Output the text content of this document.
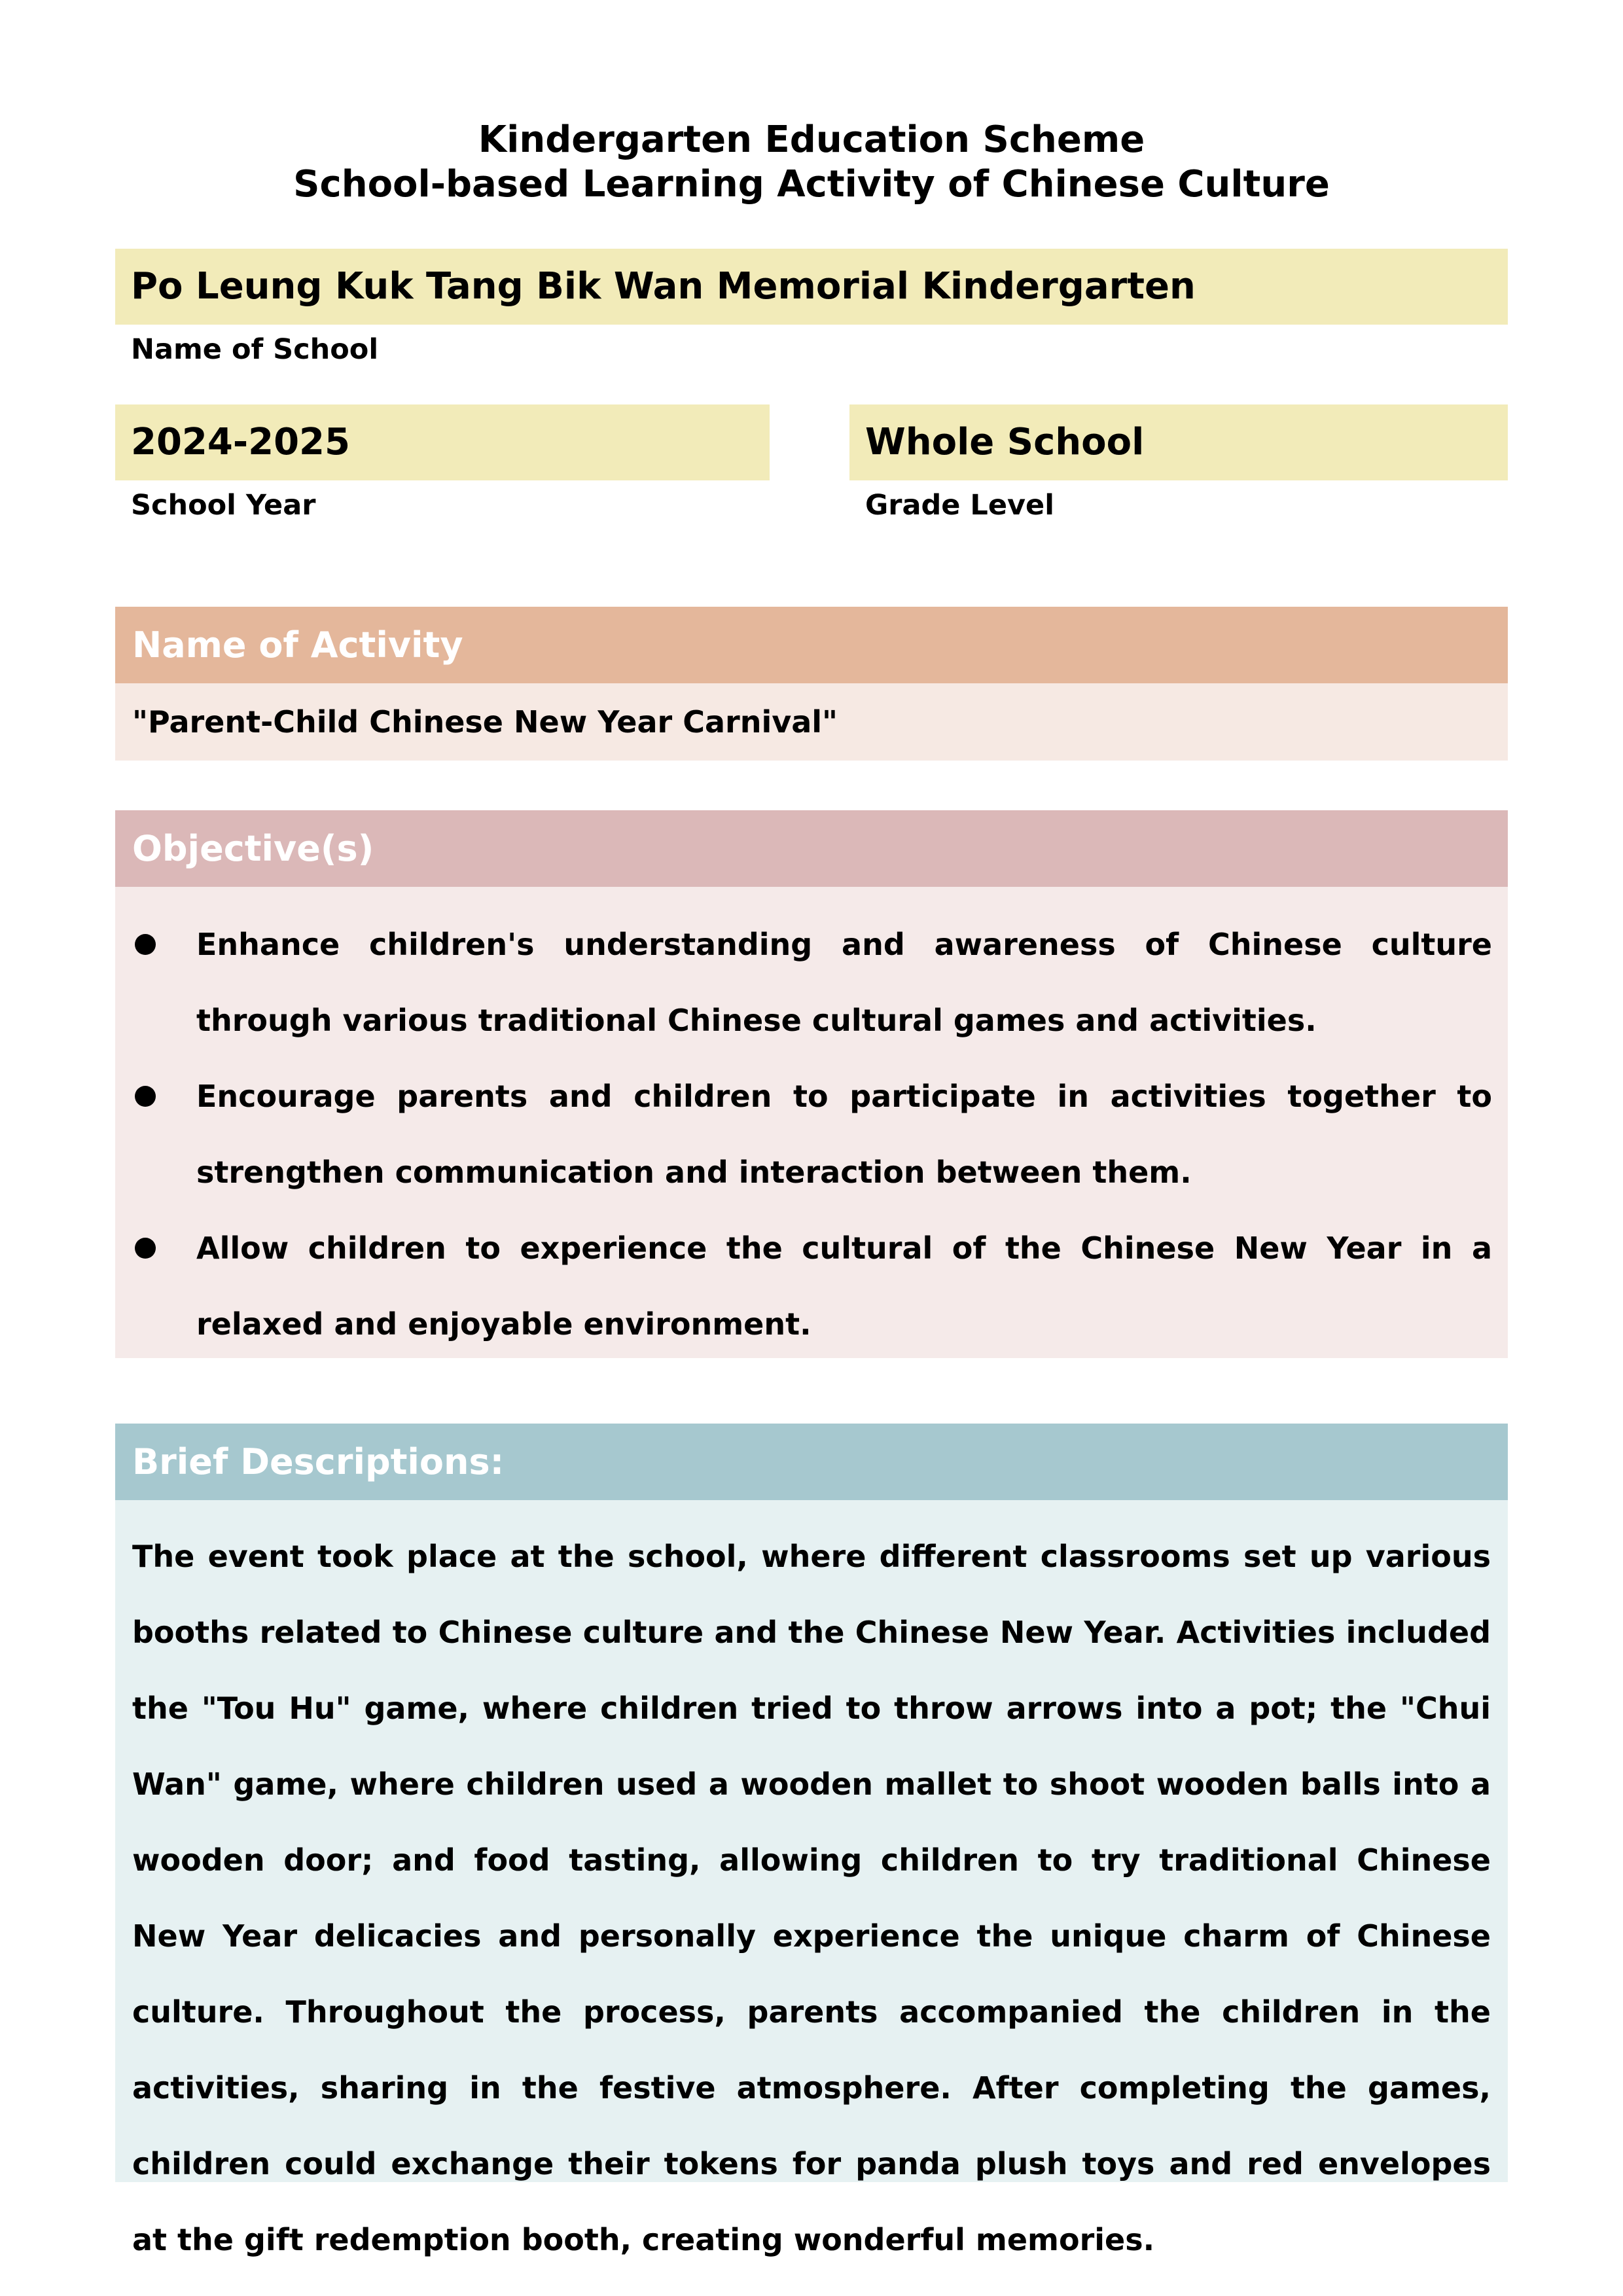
Kindergarten Education Scheme
School-based Learning Activity of Chinese Culture
Po Leung Kuk Tang Bik Wan Memorial Kindergarten
Name of School
2024-2025
School Year
Whole School
Grade Level
Name of Activity
"Parent-Child Chinese New Year Carnival"
Objective(s)
Enhance children's understanding and awareness of Chinese culture through various traditional Chinese cultural games and activities.
Encourage parents and children to participate in activities together to strengthen communication and interaction between them.
Allow children to experience the cultural of the Chinese New Year in a relaxed and enjoyable environment.
Brief Descriptions:
The event took place at the school, where different classrooms set up various booths related to Chinese culture and the Chinese New Year. Activities included the "Tou Hu" game, where children tried to throw arrows into a pot; the "Chui Wan" game, where children used a wooden mallet to shoot wooden balls into a wooden door; and food tasting, allowing children to try traditional Chinese New Year delicacies and personally experience the unique charm of Chinese culture. Throughout the process, parents accompanied the children in the activities, sharing in the festive atmosphere. After completing the games, children could exchange their tokens for panda plush toys and red envelopes at the gift redemption booth, creating wonderful memories.
